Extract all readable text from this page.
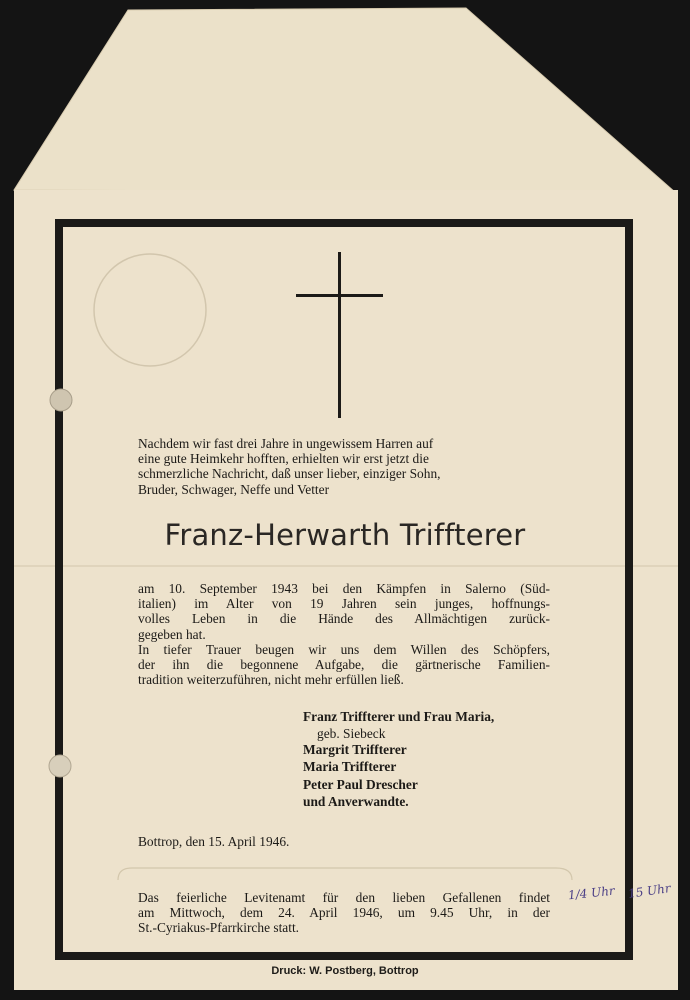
Nachdem wir fast drei Jahre in ungewissem Harren auf
eine gute Heimkehr hofften, erhielten wir erst jetzt die
schmerzliche Nachricht, daß unser lieber, einziger Sohn,
Bruder, Schwager, Neffe und Vetter
Franz-Herwarth Triffterer
am 10. September 1943 bei den Kämpfen in Salerno (Süd-
italien) im Alter von 19 Jahren sein junges, hoffnungs-
volles Leben in die Hände des Allmächtigen zurück-
gegeben hat.
In tiefer Trauer beugen wir uns dem Willen des Schöpfers,
der ihn die begonnene Aufgabe, die gärtnerische Familien-
tradition weiterzuführen, nicht mehr erfüllen ließ.
Franz Triffterer und Frau Maria,
geb. Siebeck
Margrit Triffterer
Maria Triffterer
Peter Paul Drescher
und Anverwandte.
Bottrop, den 15. April 1946.
Das feierliche Levitenamt für den lieben Gefallenen findet
am Mittwoch, dem 24. April 1946, um 9.45 Uhr, in der
St.-Cyriakus-Pfarrkirche statt.
1/4 Uhr 15 Uhr
Druck: W. Postberg, Bottrop
